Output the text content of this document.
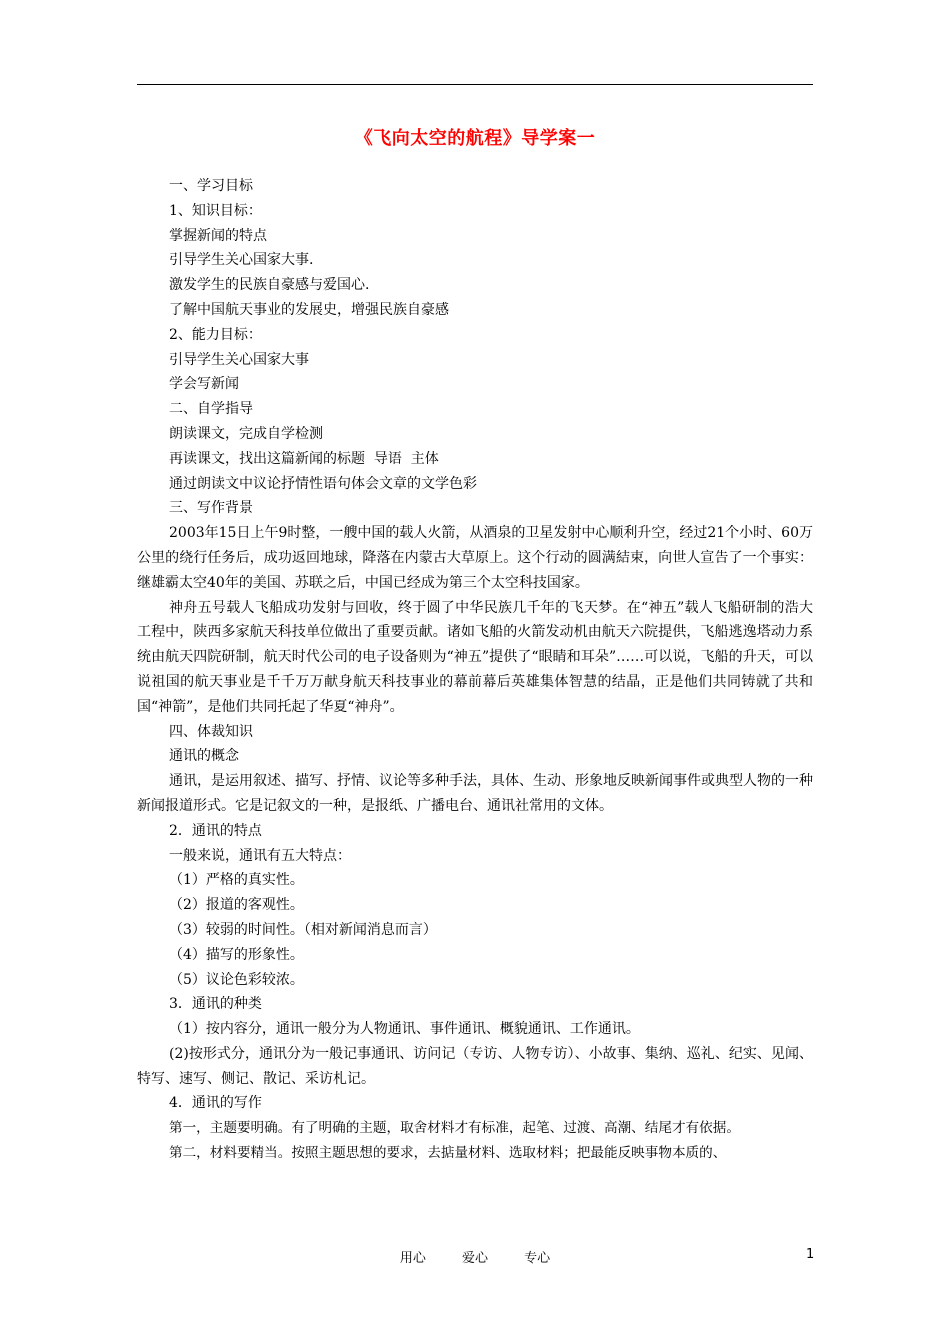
《飞向太空的航程》导学案一

一、学习目标

1、知识目标：

掌握新闻的特点

引导学生关心国家大事.

激发学生的民族自豪感与爱国心.

了解中国航天事业的发展史，增强民族自豪感

2、能力目标：

引导学生关心国家大事

学会写新闻

二、自学指导

朗读课文，完成自学检测

再读课文，找出这篇新闻的标题  导语  主体

通过朗读文中议论抒情性语句体会文章的文学色彩

三、写作背景

2003年15日上午9时整，一艘中国的载人火箭，从酒泉的卫星发射中心顺利升空，经过21个小时、60万公里的绕行任务后，成功返回地球，降落在内蒙古大草原上。这个行动的圆满結束，向世人宣告了一个事实：继雄霸太空40年的美国、苏联之后，中国已经成为第三个太空科技国家。

神舟五号载人飞船成功发射与回收，终于圆了中华民族几千年的飞天梦。在“神五”载人飞船研制的浩大工程中，陕西多家航天科技单位做出了重要贡献。诸如飞船的火箭发动机由航天六院提供，飞船逃逸塔动力系统由航天四院研制，航天时代公司的电子设备则为“神五”提供了“眼睛和耳朵”……可以说，飞船的升天，可以说祖国的航天事业是千千万万献身航天科技事业的幕前幕后英雄集体智慧的结晶，正是他们共同铸就了共和国“神箭”，是他们共同托起了华夏“神舟”。

四、体裁知识

通讯的概念

通讯，是运用叙述、描写、抒情、议论等多种手法，具体、生动、形象地反映新闻事件或典型人物的一种新闻报道形式。它是记叙文的一种，是报纸、广播电台、通讯社常用的文体。

2．通讯的特点

一般来说，通讯有五大特点：

（1）严格的真实性。

（2）报道的客观性。

（3）较弱的时间性。（相对新闻消息而言）

（4）描写的形象性。

（5）议论色彩较浓。

3．通讯的种类

（1）按内容分，通讯一般分为人物通讯、事件通讯、概貌通讯、工作通讯。

(2)按形式分，通讯分为一般记事通讯、访问记（专访、人物专访）、小故事、集纳、巡礼、纪实、见闻、特写、速写、侧记、散记、采访札记。

4．通讯的写作

第一，主题要明确。有了明确的主题，取舍材料才有标准，起笔、过渡、高潮、结尾才有依据。

第二，材料要精当。按照主题思想的要求，去掂量材料、选取材料；把最能反映事物本质的、

用心	爱心	专心	1
